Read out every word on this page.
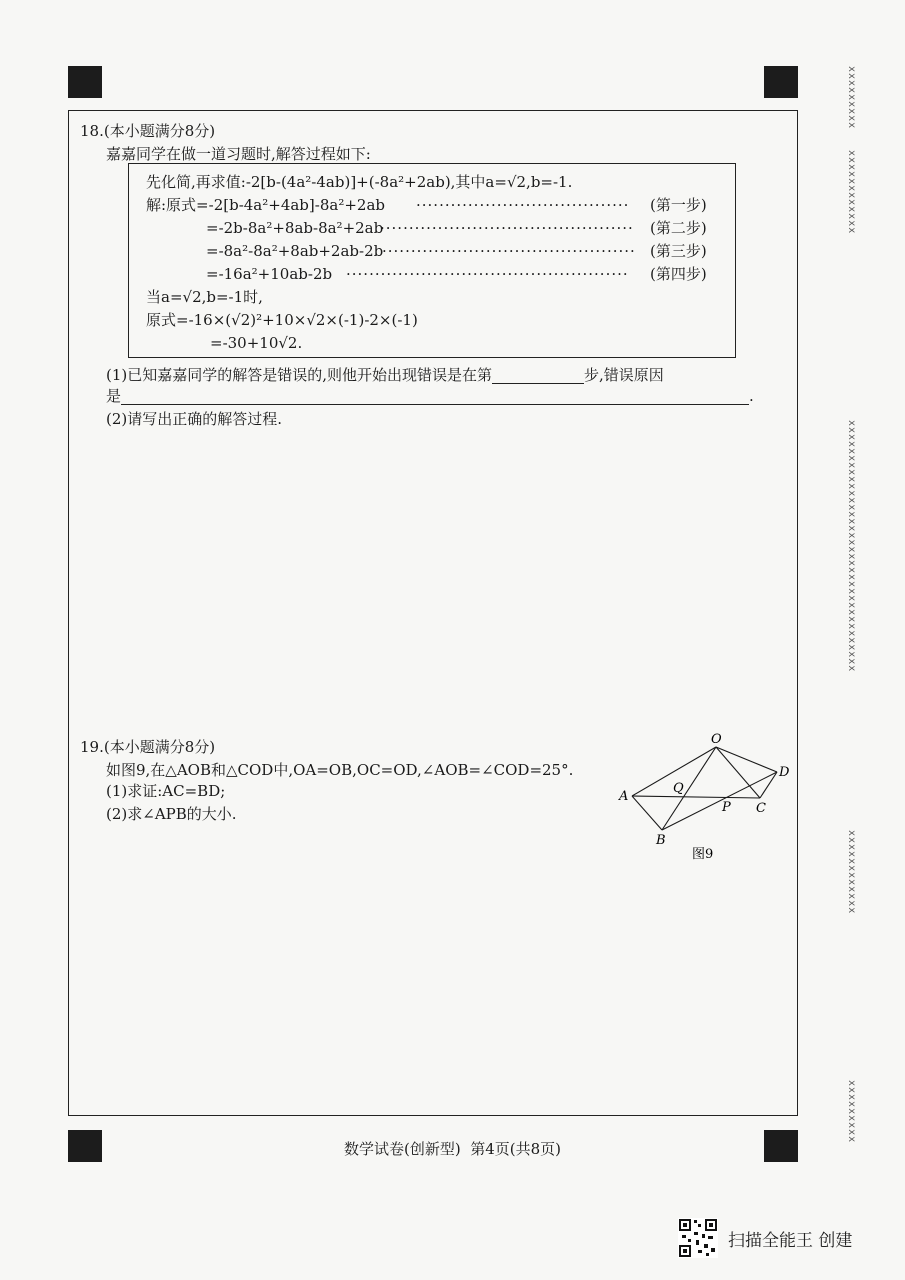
18.(本小题满分8分)
嘉嘉同学在做一道习题时,解答过程如下:
先化简,再求值:-2[b-(4a²-4ab)]+(-8a²+2ab),其中a=√2,b=-1.
解:原式=-2[b-4a²+4ab]-8a²+2ab ····································· (第一步)
=-2b-8a²+8ab-8a²+2ab
············································ (第二步)
=-8a²-8a²+8ab+2ab-2b
············································ (第三步)
=-16a²+10ab-2b ················································· (第四步)
当a=√2,b=-1时,
原式=-16×(√2)²+10×√2×(-1)-2×(-1)
=-30+10√2.
(1)已知嘉嘉同学的解答是错误的,则他开始出现错误是在第	步,错误原因
是	.
(2)请写出正确的解答过程.
19.(本小题满分8分)
如图9,在△AOB和△COD中,OA=OB,OC=OD,∠AOB=∠COD=25°.
(1)求证:AC=BD;
(2)求∠APB的大小.
O
D
A
Q
P C
B
图9
数学试卷(创新型)  第4页(共8页)
xxxxxxxxx
xxxxxxxxxxxx
xxxxxxxxxxxxxxxxxxxx
xxxxxxxxxxxxxxxx
xxxxxxxxxxxx
xxxxxxxxx
扫描全能王 创建
